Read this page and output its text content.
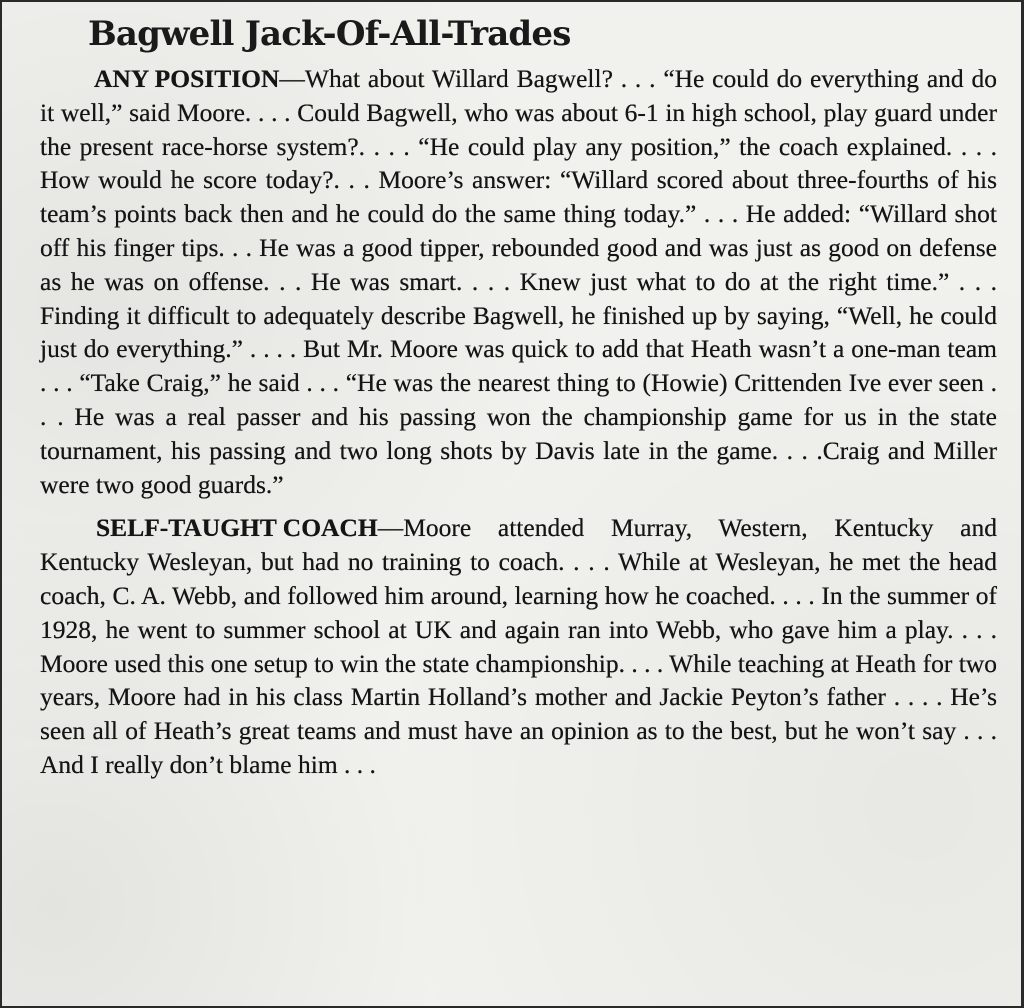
Bagwell Jack-Of-All-Trades

ANY POSITION—What about Willard Bagwell? . . . “He could do everything and do it well,” said Moore. . . . Could Bagwell, who was about 6-1 in high school, play guard under the present race-horse system?. . . . “He could play any position,” the coach explained. . . . How would he score today?. . . Moore’s answer: “Willard scored about three-fourths of his team’s points back then and he could do the same thing today.” . . . He added: “Willard shot off his finger tips. . . He was a good tipper, rebounded good and was just as good on defense as he was on offense. . . He was smart. . . . Knew just what to do at the right time.” . . . Finding it difficult to adequately describe Bagwell, he finished up by saying, “Well, he could just do everything.” . . . . But Mr. Moore was quick to add that Heath wasn’t a one-man team . . . “Take Craig,” he said . . . “He was the nearest thing to (Howie) Crittenden Ive ever seen . . . He was a real passer and his passing won the championship game for us in the state tournament, his passing and two long shots by Davis late in the game. . . .Craig and Miller were two good guards.”

SELF-TAUGHT COACH—Moore attended Murray, Western, Kentucky and Kentucky Wesleyan, but had no training to coach. . . . While at Wesleyan, he met the head coach, C. A. Webb, and followed him around, learning how he coached. . . . In the summer of 1928, he went to summer school at UK and again ran into Webb, who gave him a play. . . . Moore used this one setup to win the state championship. . . . While teaching at Heath for two years, Moore had in his class Martin Holland’s mother and Jackie Peyton’s father . . . . He’s seen all of Heath’s great teams and must have an opinion as to the best, but he won’t say . . . And I really don’t blame him . . .
